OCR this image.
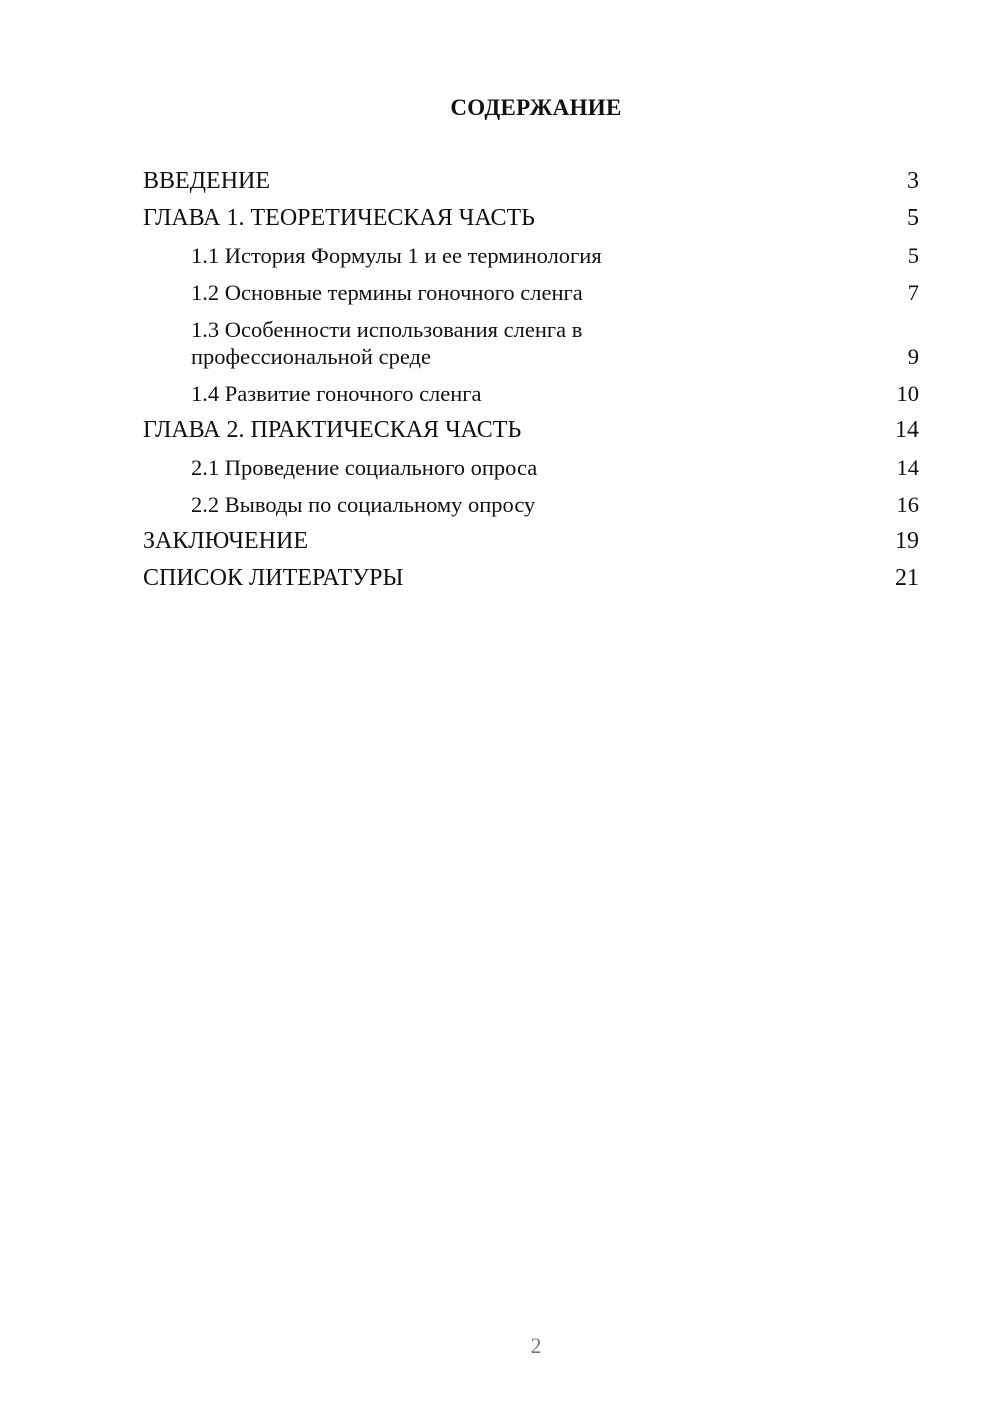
СОДЕРЖАНИЕ
ВВЕДЕНИЕ	3
ГЛАВА 1. ТЕОРЕТИЧЕСКАЯ ЧАСТЬ	5
1.1 История Формулы 1 и ее терминология	5
1.2 Основные термины гоночного сленга	7
1.3 Особенности использования сленга в профессиональной среде	9
1.4 Развитие гоночного сленга	10
ГЛАВА 2. ПРАКТИЧЕСКАЯ ЧАСТЬ	14
2.1 Проведение социального опроса	14
2.2 Выводы по социальному опросу	16
ЗАКЛЮЧЕНИЕ	19
СПИСОК ЛИТЕРАТУРЫ	21
2
